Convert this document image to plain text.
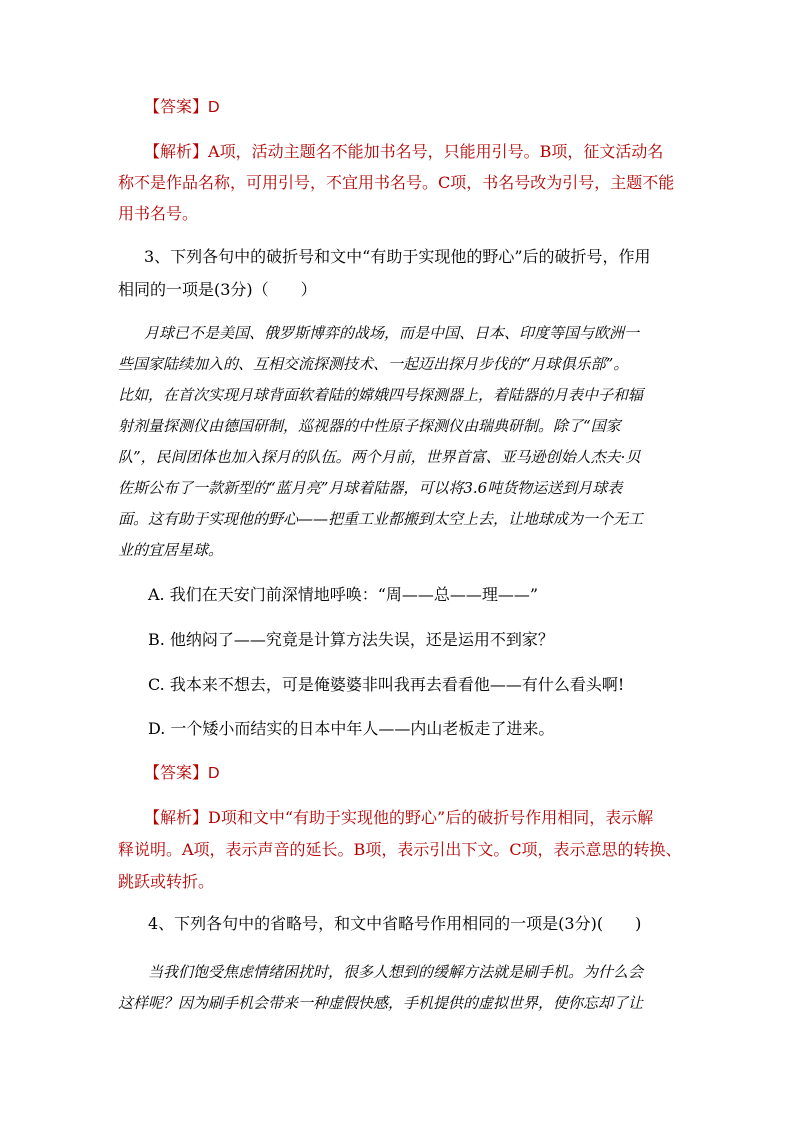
【答案】D
【解析】A项，活动主题名不能加书名号，只能用引号。B项，征文活动名
称不是作品名称，可用引号，不宜用书名号。C项，书名号改为引号，主题不能
用书名号。
3、下列各句中的破折号和文中“有助于实现他的野心”后的破折号，作用
相同的一项是(3分)（　　）
月球已不是美国、俄罗斯博弈的战场，而是中国、日本、印度等国与欧洲一
些国家陆续加入的、互相交流探测技术、一起迈出探月步伐的“月球俱乐部”。
比如，在首次实现月球背面软着陆的嫦娥四号探测器上，着陆器的月表中子和辐
射剂量探测仪由德国研制，巡视器的中性原子探测仪由瑞典研制。除了“国家
队”，民间团体也加入探月的队伍。两个月前，世界首富、亚马逊创始人杰夫·贝
佐斯公布了一款新型的“蓝月亮”月球着陆器，可以将3.6吨货物运送到月球表
面。这有助于实现他的野心——把重工业都搬到太空上去，让地球成为一个无工
业的宜居星球。
A. 我们在天安门前深情地呼唤：“周——总——理——”
B. 他纳闷了——究竟是计算方法失误，还是运用不到家？
C. 我本来不想去，可是俺婆婆非叫我再去看看他——有什么看头啊!
D. 一个矮小而结实的日本中年人——内山老板走了进来。
【答案】D
【解析】D项和文中“有助于实现他的野心”后的破折号作用相同，表示解
释说明。A项，表示声音的延长。B项，表示引出下文。C项，表示意思的转换、
跳跃或转折。
4、下列各句中的省略号，和文中省略号作用相同的一项是(3分)(　　)
当我们饱受焦虑情绪困扰时，很多人想到的缓解方法就是刷手机。为什么会
这样呢？因为刷手机会带来一种虚假快感，手机提供的虚拟世界，使你忘却了让
